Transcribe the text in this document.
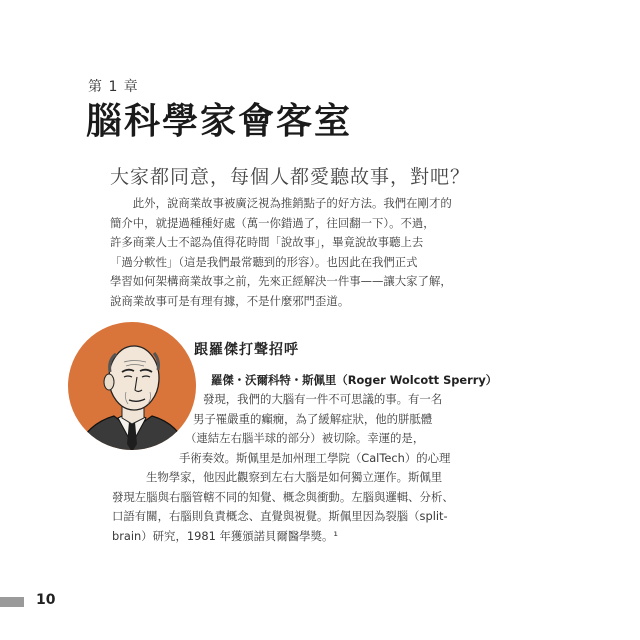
第 1 章
腦科學家會客室
大家都同意，每個人都愛聽故事，對吧？
　　此外，說商業故事被廣泛視為推銷點子的好方法。我們在剛才的
簡介中，就提過種種好處（萬一你錯過了，往回翻一下）。不過，
許多商業人士不認為值得花時間「說故事」，畢竟說故事聽上去
「過分軟性」（這是我們最常聽到的形容）。也因此在我們正式
學習如何架構商業故事之前，先來正經解決一件事——讓大家了解，
說商業故事可是有理有據，不是什麼邪門歪道。
跟羅傑打聲招呼
羅傑・沃爾科特・斯佩里（Roger Wolcott Sperry）
發現，我們的大腦有一件不可思議的事。有一名
男子罹嚴重的癲癇，為了緩解症狀，他的胼胝體
（連結左右腦半球的部分）被切除。幸運的是，
手術奏效。斯佩里是加州理工學院（CalTech）的心理
生物學家，他因此觀察到左右大腦是如何獨立運作。斯佩里
發現左腦與右腦管轄不同的知覺、概念與衝動。左腦與邏輯、分析、
口語有關，右腦則負責概念、直覺與視覺。斯佩里因為裂腦（split-
brain）研究，1981 年獲頒諾貝爾醫學獎。¹
10
